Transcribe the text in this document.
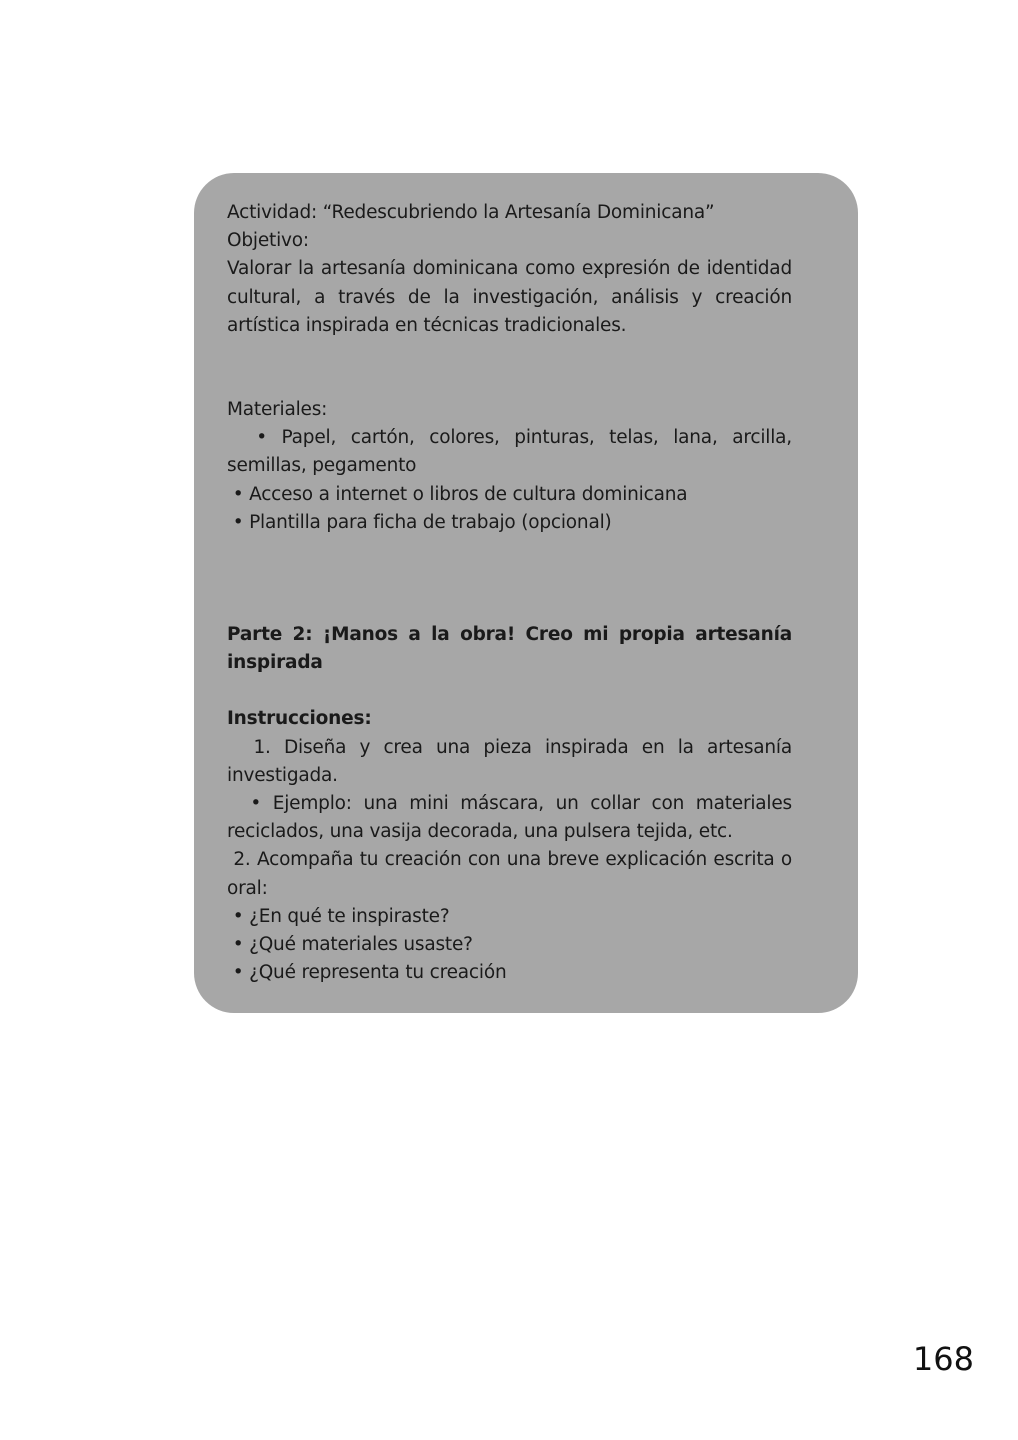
Actividad: “Redescubriendo la Artesanía Dominicana”

Objetivo:

Valorar la artesanía dominicana como expresión de identidad cultural, a través de la investigación, análisis y creación artística inspirada en técnicas tradicionales.

Materiales:

• Papel, cartón, colores, pinturas, telas, lana, arcilla, semillas, pegamento

• Acceso a internet o libros de cultura dominicana

• Plantilla para ficha de trabajo (opcional)

Parte 2: ¡Manos a la obra! Creo mi propia artesanía inspirada

Instrucciones:

1. Diseña y crea una pieza inspirada en la artesanía investigada.

• Ejemplo: una mini máscara, un collar con materiales reciclados, una vasija decorada, una pulsera tejida, etc.

2. Acompaña tu creación con una breve explicación escrita o oral:

• ¿En qué te inspiraste?

• ¿Qué materiales usaste?

• ¿Qué representa tu creación

168
